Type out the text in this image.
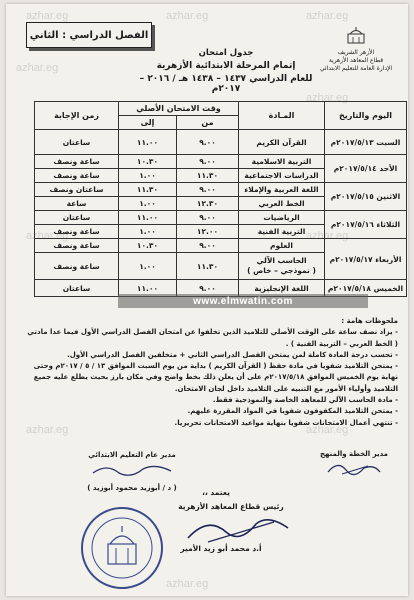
azhar.eg	azhar.eg	azhar.eg
azhar.eg
azhar.eg
azhar.eg	azhar.eg
azhar.eg	azhar.eg
azhar.eg
الفصل الدراسي : الثاني
الأزهر الشريف
قطاع المعاهد الأزهرية
الإدارة العامة للتعليم الابتدائي
جدول امتحان
إتمام المرحلة الابتدائية الأزهرية
للعام الدراسي ١٤٣٧ – ١٤٣٨ هـ / ٢٠١٦ – ٢٠١٧م
اليوم والتاريخ	المـادة	وقت الامتحان الأصلي		زمن الإجابة
		من	إلى	
السبت ٢٠١٧/٥/١٣م	القرآن الكريم	٩.٠٠	١١.٠٠	ساعتان
الأحد ٢٠١٧/٥/١٤م	التربية الاسلامية	٩.٠٠	١٠.٣٠	ساعة ونصف
	الدراسات الاجتماعية	١١.٣٠	١.٠٠	ساعة ونصف
الاثنين ٢٠١٧/٥/١٥م	اللغة العربية والإملاء	٩.٠٠	١١.٣٠	ساعتان ونصف
	الخط العربي	١٢.٣٠	١.٠٠	ساعة
الثلاثاء ٢٠١٧/٥/١٦م	الرياضيات	٩.٠٠	١١.٠٠	ساعتان
	التربية الفنية	١٢.٠٠	١.٠٠	ساعة ونصف
الأربعاء ٢٠١٧/٥/١٧م	العلوم	٩.٠٠	١٠.٣٠	ساعة ونصف
	الحاسب الآلي
( نموذجي – خاص )	١١.٣٠	١.٠٠	ساعة ونصف
الخميس ٢٠١٧/٥/١٨م	اللغة الإنجليزية	٩.٠٠	١١.٠٠	ساعتان
www.elmwatin.com

ملحوظات هامة :

- يزاد نصف ساعة على الوقت الأصلي للتلاميذ الذين تخلفوا عن امتحان الفصل الدراسي الأول فيما عدا مادتي

( الخط العربي – التربية الفنية ) .

- تحسب درجة المادة كاملة لمن يمتحن الفصل الدراسي الثاني + متخلفين الفصل الدراسي الأول.

- يمتحن التلاميذ شفويا في مادة حفظ ( القرآن الكريم ) بداية من يوم السبت الموافق ١٣ / ٥ / ٢٠١٧م وحتى

نهاية يوم الخميس الموافق ٢٠١٧/٥/١٨م على أن يعلن ذلك بخط واضح وفي مكان بارز بحيث يطلع عليه جميع

التلاميذ وأولياء الأمور مع التنبيه على التلاميذ داخل لجان الامتحان.

- مادة الحاسب الآلي للمعاهد الخاصة والنموذجية فقط.

- يمتحن التلاميذ المكفوفون شفويا في المواد المقررة عليهم.

- تنتهي أعمال الامتحانات شفويا بنهاية مواعيد الامتحانات تحريريا.

مدير الخطة والمنهج
مدير عام التعليم الابتدائي
( د / أبوزيد محمود أبوزيد )	يعتمد ،،
رئيس قطاع المعاهد الأزهرية
أ.د محمد أبو زيد الأمير
